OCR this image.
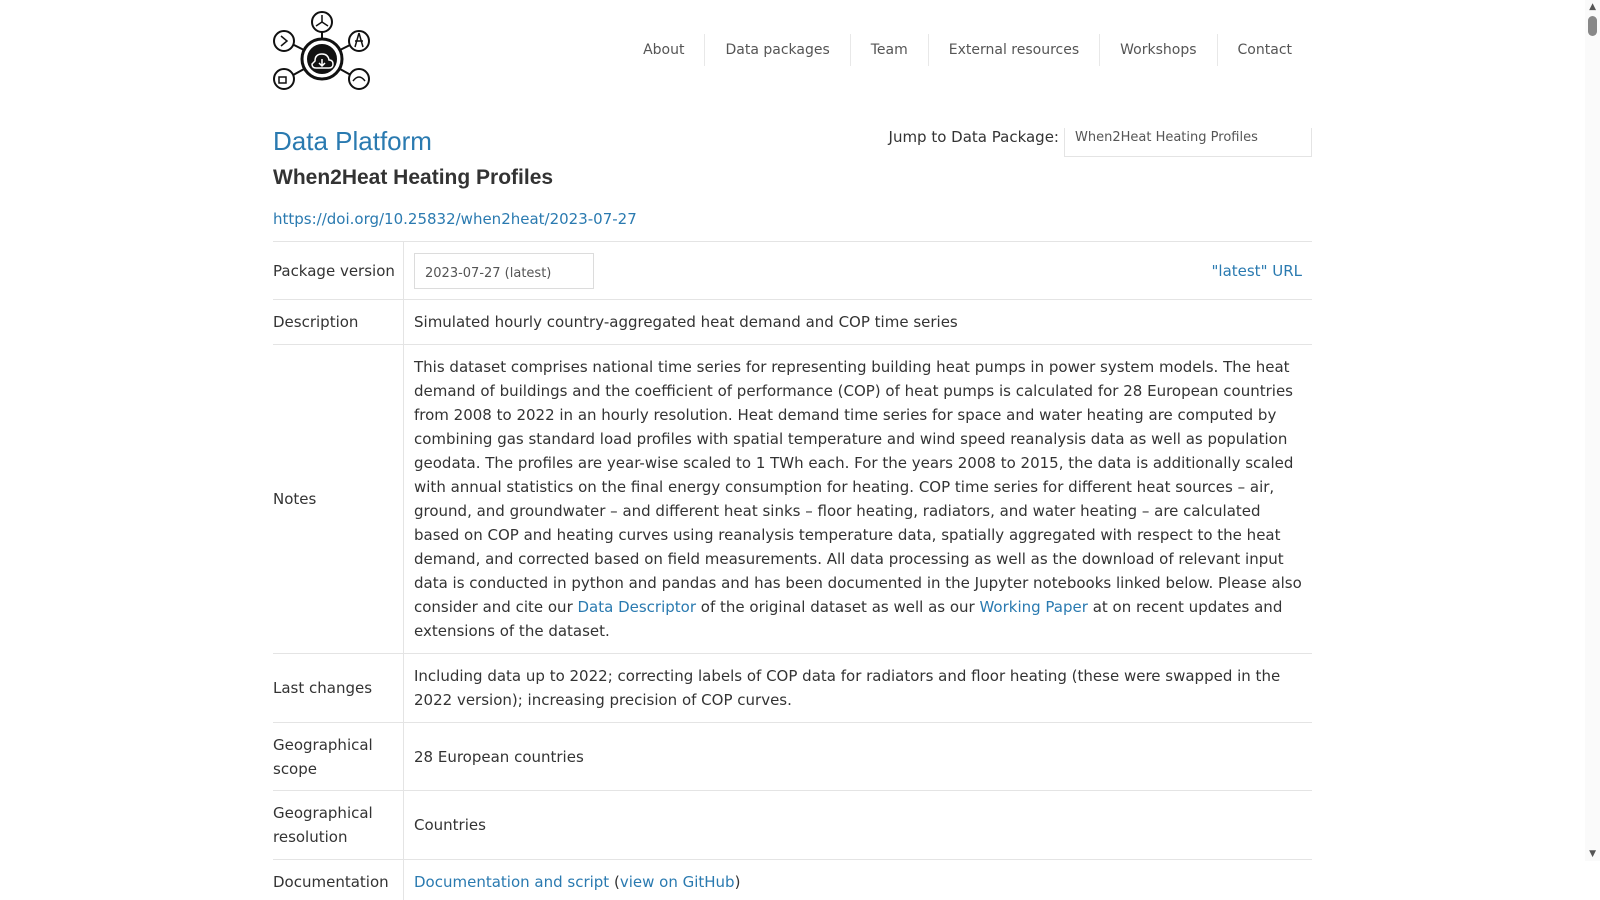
About	Data packages	Team	External resources	Workshops	Contact
Data Platform	Jump to Data Package:	When2Heat Heating Profiles
When2Heat Heating Profiles
https://doi.org/10.25832/when2heat/2023-07-27
Package version	2023-07-27 (latest) "latest" URL

Description	Simulated hourly country-aggregated heat demand and COP time series
Notes	This dataset comprises national time series for representing building heat pumps in power system models. The heat demand of buildings and the coefficient of performance (COP) of heat pumps is calculated for 28 European countries from 2008 to 2022 in an hourly resolution. Heat demand time series for space and water heating are computed by combining gas standard load profiles with spatial temperature and wind speed reanalysis data as well as population geodata. The profiles are year-wise scaled to 1 TWh each. For the years 2008 to 2015, the data is additionally scaled with annual statistics on the final energy consumption for heating. COP time series for different heat sources – air, ground, and groundwater – and different heat sinks – floor heating, radiators, and water heating – are calculated based on COP and heating curves using reanalysis temperature data, spatially aggregated with respect to the heat demand, and corrected based on field measurements. All data processing as well as the download of relevant input data is conducted in python and pandas and has been documented in the Jupyter notebooks linked below. Please also consider and cite our Data Descriptor of the original dataset as well as our Working Paper at on recent updates and extensions of the dataset.
Last changes	Including data up to 2022; correcting labels of COP data for radiators and floor heating (these were swapped in the 2022 version); increasing precision of COP curves.
Geographical scope	28 European countries
Geographical resolution	Countries
Documentation	Documentation and script (view on GitHub)
▲
▼
